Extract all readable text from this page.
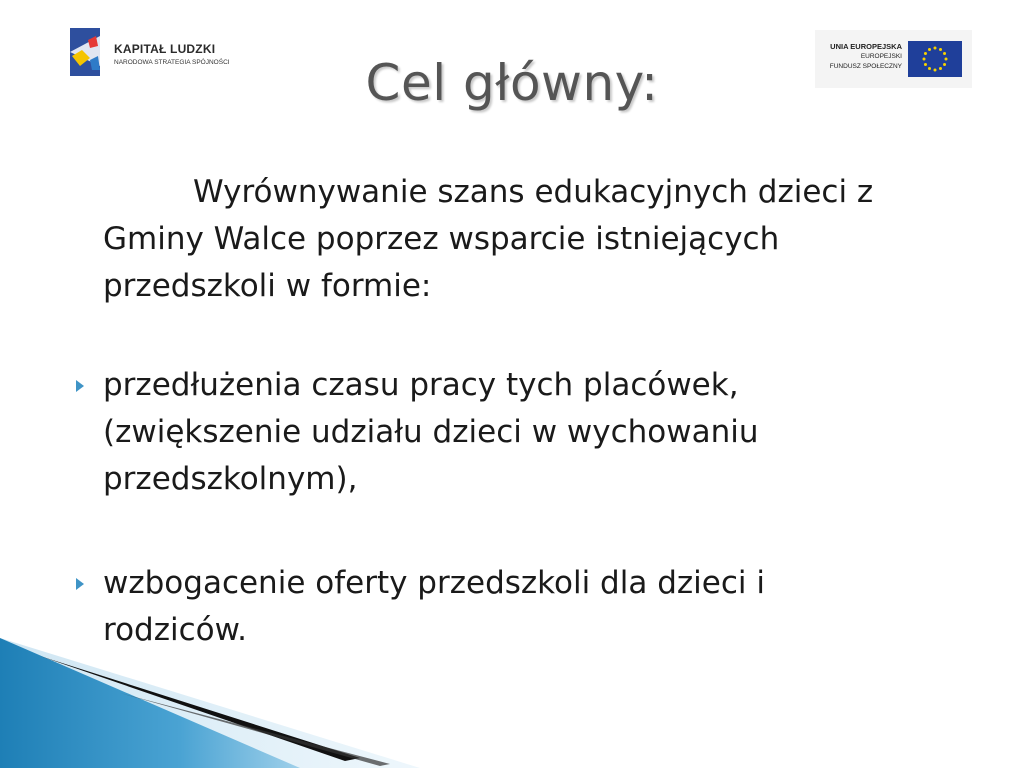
KAPITAŁ LUDZKI
NARODOWA STRATEGIA SPÓJNOŚCI
UNIA EUROPEJSKA
EUROPEJSKI
FUNDUSZ SPOŁECZNY
Cel główny:
Wyrównywanie szans edukacyjnych dzieci z Gminy Walce poprzez wsparcie istniejących przedszkoli w formie:
przedłużenia czasu pracy tych placówek, (zwiększenie udziału dzieci w wychowaniu przedszkolnym),
wzbogacenie oferty przedszkoli dla dzieci i rodziców.
